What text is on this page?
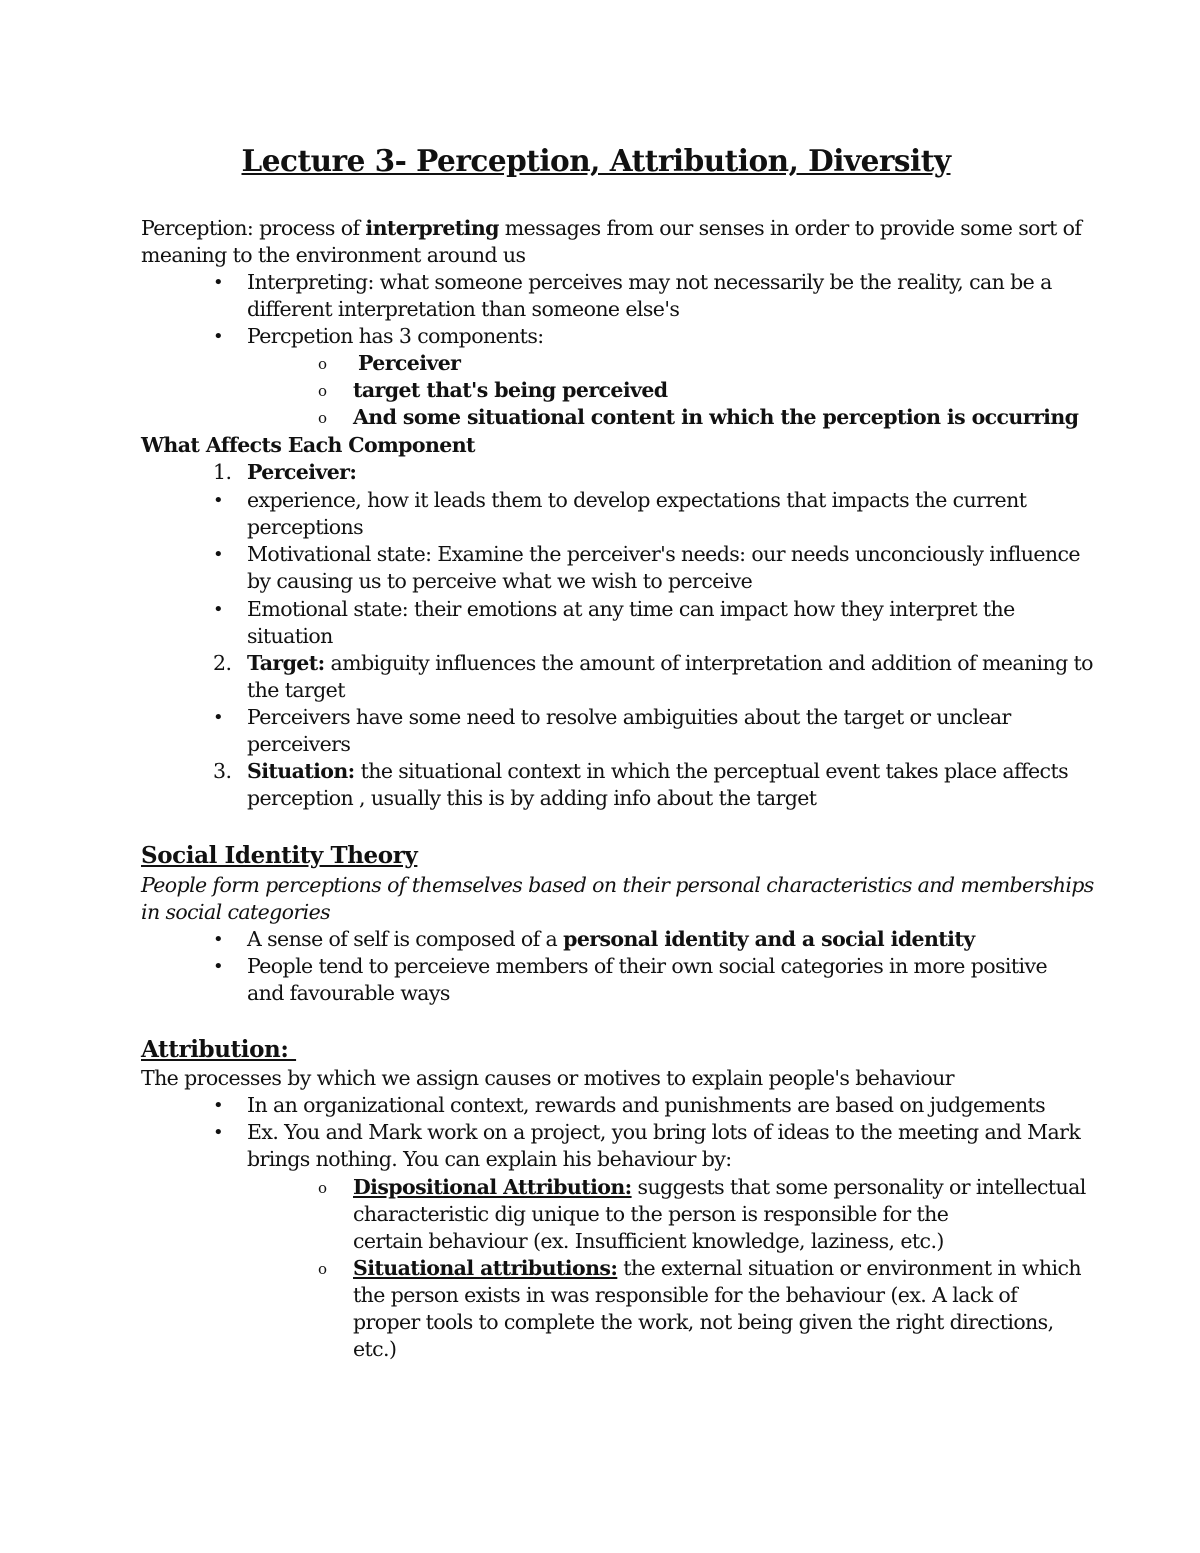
Lecture 3- Perception, Attribution, Diversity
Perception: process of interpreting messages from our senses in order to provide some sort of
meaning to the environment around us
• Interpreting: what someone perceives may not necessarily be the reality, can be a
different interpretation than someone else's
• Percpetion has 3 components:
o Perceiver
o target that's being perceived
o And some situational content in which the perception is occurring
What Affects Each Component
1. Perceiver:
• experience, how it leads them to develop expectations that impacts the current
perceptions
• Motivational state: Examine the perceiver's needs: our needs unconciously influence
by causing us to perceive what we wish to perceive
• Emotional state: their emotions at any time can impact how they interpret the
situation
2. Target: ambiguity influences the amount of interpretation and addition of meaning to
the target
• Perceivers have some need to resolve ambiguities about the target or unclear
perceivers
3. Situation: the situational context in which the perceptual event takes place affects
perception , usually this is by adding info about the target
Social Identity Theory
People form perceptions of themselves based on their personal characteristics and memberships
in social categories
• A sense of self is composed of a personal identity and a social identity
• People tend to perceieve members of their own social categories in more positive
and favourable ways
Attribution:
The processes by which we assign causes or motives to explain people's behaviour
• In an organizational context, rewards and punishments are based on judgements
• Ex. You and Mark work on a project, you bring lots of ideas to the meeting and Mark
brings nothing. You can explain his behaviour by:
o Dispositional Attribution: suggests that some personality or intellectual
characteristic dig unique to the person is responsible for the
certain behaviour (ex. Insufficient knowledge, laziness, etc.)
o Situational attributions: the external situation or environment in which
the person exists in was responsible for the behaviour (ex. A lack of
proper tools to complete the work, not being given the right directions,
etc.)
